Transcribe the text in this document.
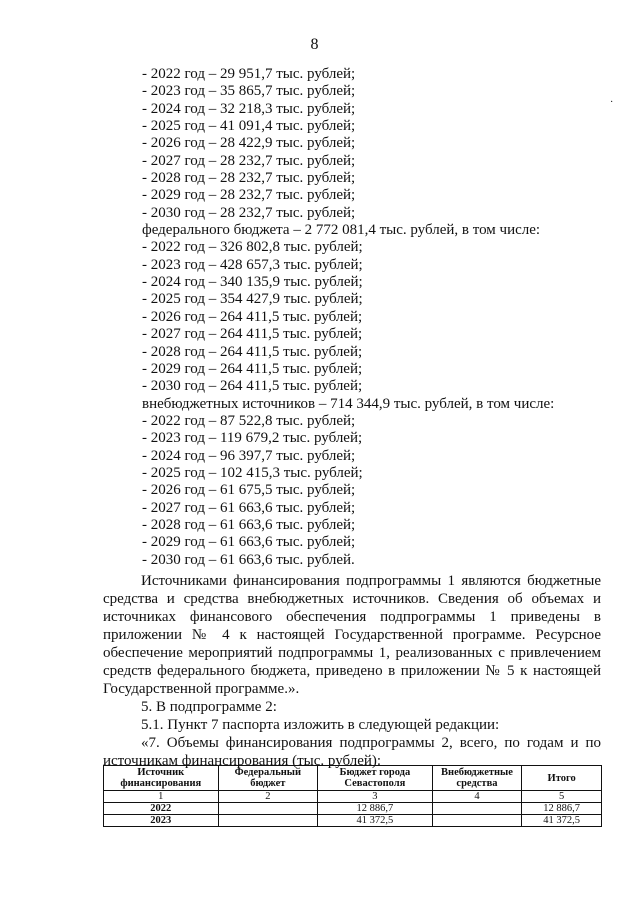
8
·
- 2022 год – 29 951,7 тыс. рублей;
- 2023 год – 35 865,7 тыс. рублей;
- 2024 год – 32 218,3 тыс. рублей;
- 2025 год – 41 091,4 тыс. рублей;
- 2026 год – 28 422,9 тыс. рублей;
- 2027 год – 28 232,7 тыс. рублей;
- 2028 год – 28 232,7 тыс. рублей;
- 2029 год – 28 232,7 тыс. рублей;
- 2030 год – 28 232,7 тыс. рублей;
федерального бюджета – 2 772 081,4 тыс. рублей, в том числе:
- 2022 год – 326 802,8 тыс. рублей;
- 2023 год – 428 657,3 тыс. рублей;
- 2024 год – 340 135,9 тыс. рублей;
- 2025 год – 354 427,9 тыс. рублей;
- 2026 год – 264 411,5 тыс. рублей;
- 2027 год – 264 411,5 тыс. рублей;
- 2028 год – 264 411,5 тыс. рублей;
- 2029 год – 264 411,5 тыс. рублей;
- 2030 год – 264 411,5 тыс. рублей;
внебюджетных источников – 714 344,9 тыс. рублей, в том числе:
- 2022 год – 87 522,8 тыс. рублей;
- 2023 год – 119 679,2 тыс. рублей;
- 2024 год – 96 397,7 тыс. рублей;
- 2025 год – 102 415,3 тыс. рублей;
- 2026 год – 61 675,5 тыс. рублей;
- 2027 год – 61 663,6 тыс. рублей;
- 2028 год – 61 663,6 тыс. рублей;
- 2029 год – 61 663,6 тыс. рублей;
- 2030 год – 61 663,6 тыс. рублей.
Источниками финансирования подпрограммы 1 являются бюджетные средства и средства внебюджетных источников. Сведения об объемах и источниках финансового обеспечения подпрограммы 1 приведены в приложении № 4 к настоящей Государственной программе. Ресурсное обеспечение мероприятий подпрограммы 1, реализованных с привлечением средств федерального бюджета, приведено в приложении № 5 к настоящей Государственной программе.».
5. В подпрограмме 2:
5.1. Пункт 7 паспорта изложить в следующей редакции:
«7. Объемы финансирования подпрограммы 2, всего, по годам и по источникам финансирования (тыс. рублей):
Источник финансирования	Федеральный бюджет	Бюджет города Севастополя	Внебюджетные средства	Итого
1	2	3	4	5
2022		12 886,7		12 886,7
2023		41 372,5		41 372,5
